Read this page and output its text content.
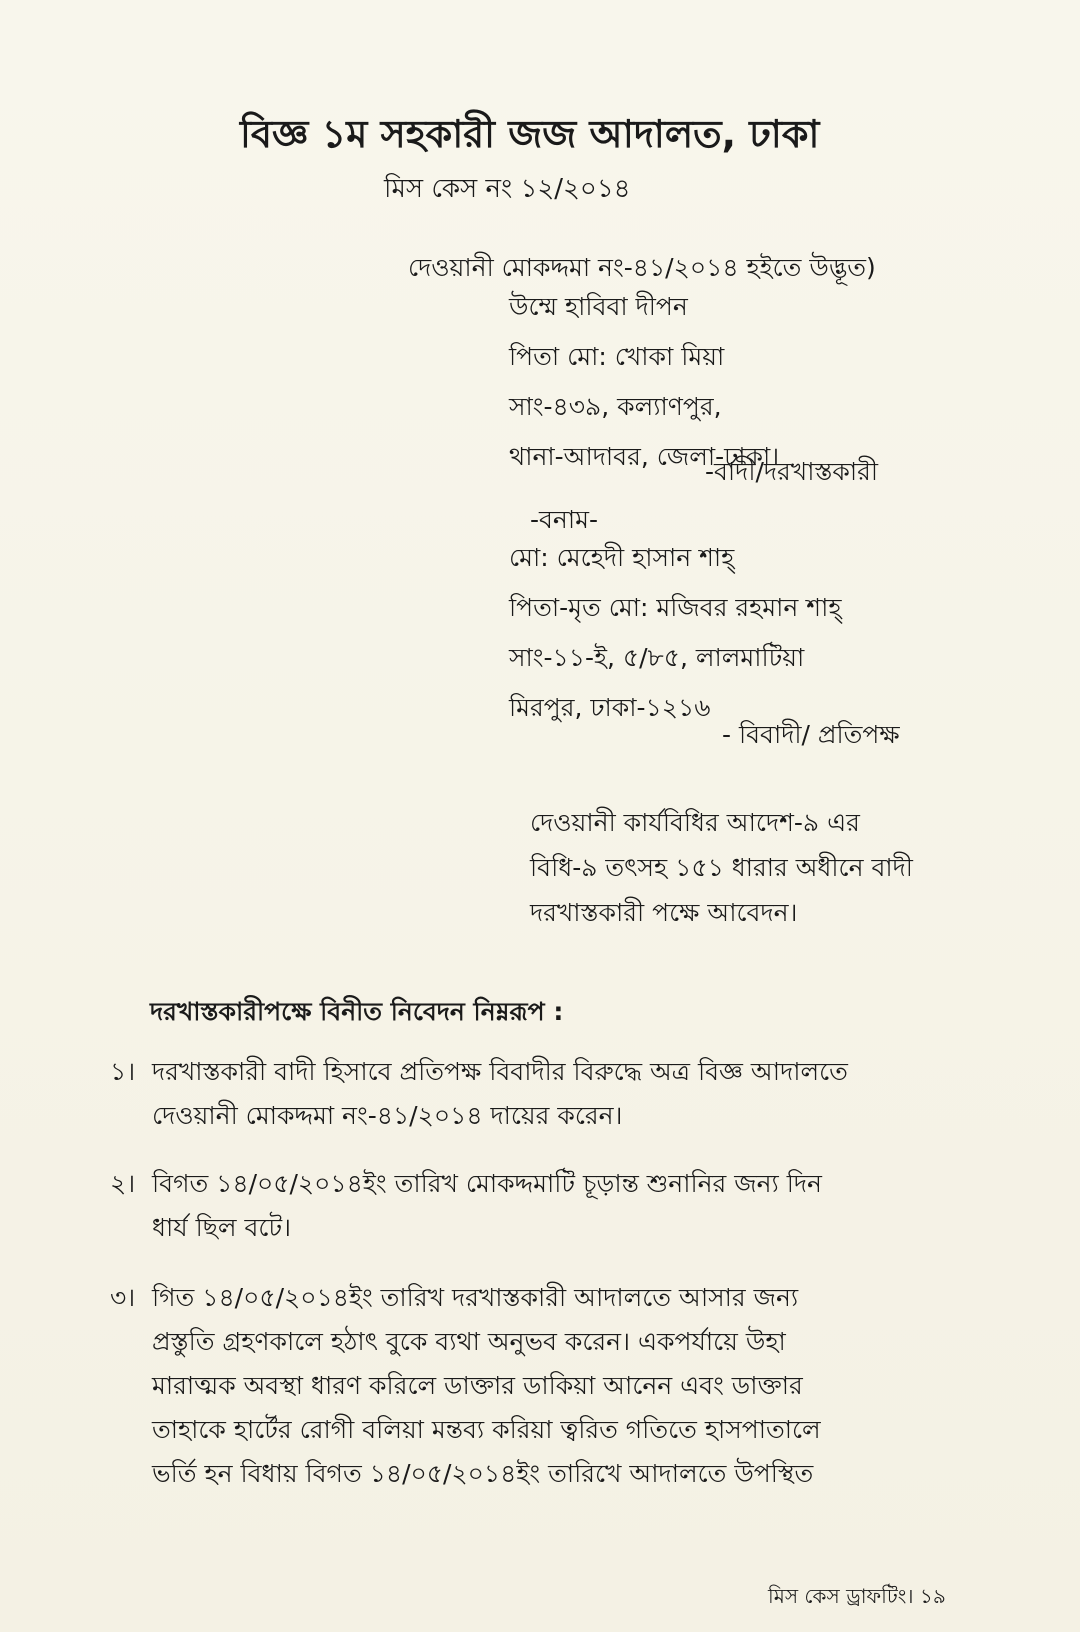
বিজ্ঞ ১ম সহকারী জজ আদালত, ঢাকা
মিস কেস নং ১২/২০১৪
দেওয়ানী মোকদ্দমা নং-৪১/২০১৪ হইতে উদ্ভূত)
উম্মে হাবিবা দীপন
পিতা মো: খোকা মিয়া
সাং-৪৩৯, কল্যাণপুর,
থানা-আদাবর, জেলা-ঢাকা।
-বাদী/দরখাস্তকারী
-বনাম-
মো: মেহেদী হাসান শাহ্
পিতা-মৃত মো: মজিবর রহমান শাহ্
সাং-১১-ই, ৫/৮৫, লালমাটিয়া
মিরপুর, ঢাকা-১২১৬
- বিবাদী/ প্রতিপক্ষ
দেওয়ানী কার্যবিধির আদেশ-৯ এর
বিধি-৯ তৎসহ ১৫১ ধারার অধীনে বাদী
দরখাস্তকারী পক্ষে আবেদন।
দরখাস্তকারীপক্ষে বিনীত নিবেদন নিম্নরূপ :
১। দরখাস্তকারী বাদী হিসাবে প্রতিপক্ষ বিবাদীর বিরুদ্ধে অত্র বিজ্ঞ আদালতে
দেওয়ানী মোকদ্দমা নং-৪১/২০১৪ দায়ের করেন।
২। বিগত ১৪/০৫/২০১৪ইং তারিখ মোকদ্দমাটি চূড়ান্ত শুনানির জন্য দিন
ধার্য ছিল বটে।
৩। গিত ১৪/০৫/২০১৪ইং তারিখ দরখাস্তকারী আদালতে আসার জন্য
প্রস্তুতি গ্রহণকালে হঠাৎ বুকে ব্যথা অনুভব করেন। একপর্যায়ে উহা
মারাত্মক অবস্থা ধারণ করিলে ডাক্তার ডাকিয়া আনেন এবং ডাক্তার
তাহাকে হার্টের রোগী বলিয়া মন্তব্য করিয়া ত্বরিত গতিতে হাসপাতালে
ভর্তি হন বিধায় বিগত ১৪/০৫/২০১৪ইং তারিখে আদালতে উপস্থিত
মিস কেস ড্রাফটিং। ১৯
